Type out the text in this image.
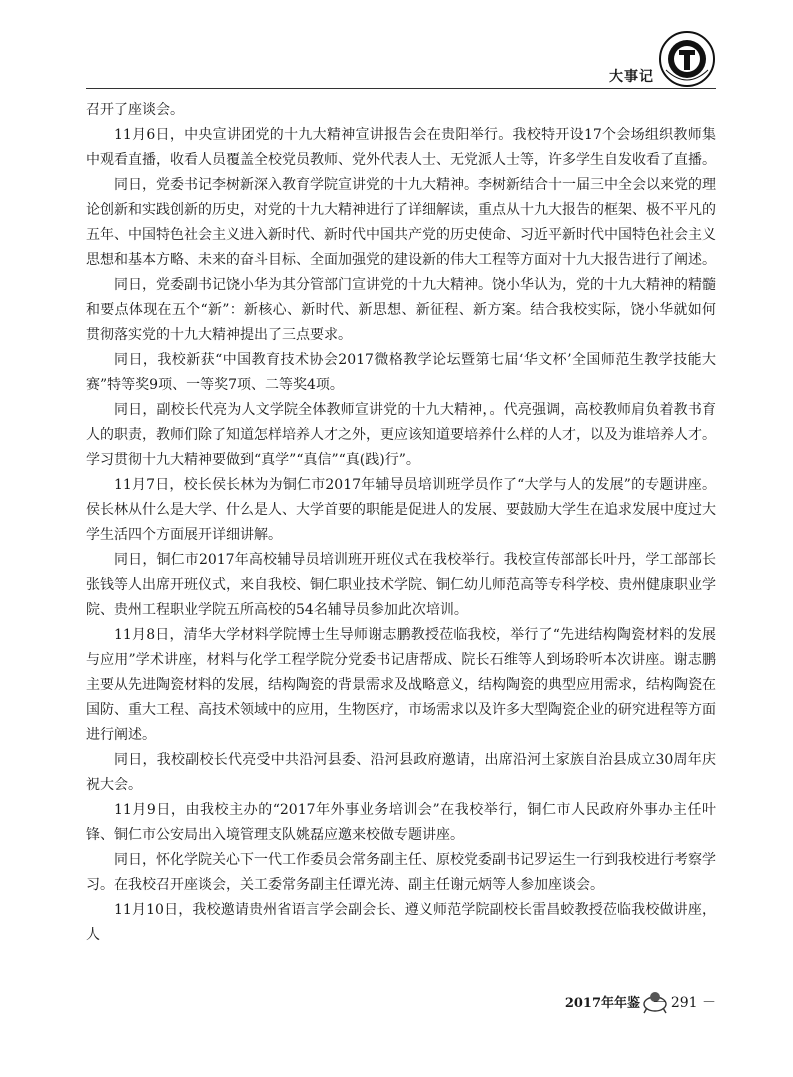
大事记

召开了座谈会。

11月6日，中央宣讲团党的十九大精神宣讲报告会在贵阳举行。我校特开设17个会场组织教师集中观看直播，收看人员覆盖全校党员教师、党外代表人士、无党派人士等，许多学生自发收看了直播。

同日，党委书记李树新深入教育学院宣讲党的十九大精神。李树新结合十一届三中全会以来党的理论创新和实践创新的历史，对党的十九大精神进行了详细解读，重点从十九大报告的框架、极不平凡的五年、中国特色社会主义进入新时代、新时代中国共产党的历史使命、习近平新时代中国特色社会主义思想和基本方略、未来的奋斗目标、全面加强党的建设新的伟大工程等方面对十九大报告进行了阐述。

同日，党委副书记饶小华为其分管部门宣讲党的十九大精神。饶小华认为，党的十九大精神的精髓和要点体现在五个“新”：新核心、新时代、新思想、新征程、新方案。结合我校实际，饶小华就如何贯彻落实党的十九大精神提出了三点要求。

同日，我校新获“中国教育技术协会2017微格教学论坛暨第七届‘华文杯’全国师范生教学技能大赛”特等奖9项、一等奖7项、二等奖4项。

同日，副校长代亮为人文学院全体教师宣讲党的十九大精神，。代亮强调，高校教师肩负着教书育人的职责，教师们除了知道怎样培养人才之外，更应该知道要培养什么样的人才，以及为谁培养人才。学习贯彻十九大精神要做到“真学”“真信”“真(践)行”。

11月7日，校长侯长林为为铜仁市2017年辅导员培训班学员作了“大学与人的发展”的专题讲座。侯长林从什么是大学、什么是人、大学首要的职能是促进人的发展、要鼓励大学生在追求发展中度过大学生活四个方面展开详细讲解。

同日，铜仁市2017年高校辅导员培训班开班仪式在我校举行。我校宣传部部长叶丹，学工部部长张钱等人出席开班仪式，来自我校、铜仁职业技术学院、铜仁幼儿师范高等专科学校、贵州健康职业学院、贵州工程职业学院五所高校的54名辅导员参加此次培训。

11月8日，清华大学材料学院博士生导师谢志鹏教授莅临我校，举行了“先进结构陶瓷材料的发展与应用”学术讲座，材料与化学工程学院分党委书记唐帮成、院长石维等人到场聆听本次讲座。谢志鹏主要从先进陶瓷材料的发展，结构陶瓷的背景需求及战略意义，结构陶瓷的典型应用需求，结构陶瓷在国防、重大工程、高技术领域中的应用，生物医疗，市场需求以及许多大型陶瓷企业的研究进程等方面进行阐述。

同日，我校副校长代亮受中共沿河县委、沿河县政府邀请，出席沿河土家族自治县成立30周年庆祝大会。

11月9日，由我校主办的“2017年外事业务培训会”在我校举行，铜仁市人民政府外事办主任叶锋、铜仁市公安局出入境管理支队姚磊应邀来校做专题讲座。

同日，怀化学院关心下一代工作委员会常务副主任、原校党委副书记罗运生一行到我校进行考察学习。在我校召开座谈会，关工委常务副主任谭光涛、副主任谢元炳等人参加座谈会。

11月10日，我校邀请贵州省语言学会副会长、遵义师范学院副校长雷昌蛟教授莅临我校做讲座，人

2017年年鉴 － 291 －
